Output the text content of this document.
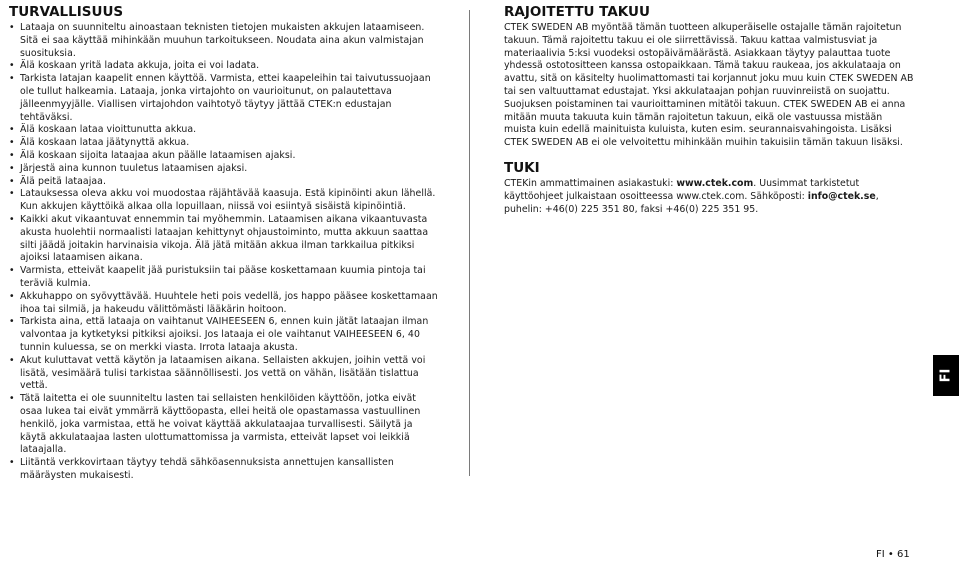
TURVALLISUUS
• Lataaja on suunniteltu ainoastaan teknisten tietojen mukaisten akkujen lataamiseen. Sitä ei saa käyttää mihinkään muuhun tarkoitukseen. Noudata aina akun valmistajan suosituksia.
• Älä koskaan yritä ladata akkuja, joita ei voi ladata.
• Tarkista latajan kaapelit ennen käyttöä. Varmista, ettei kaapeleihin tai taivutussuojaan ole tullut halkeamia. Lataaja, jonka virtajohto on vaurioitunut, on palautettava jälleenmyyjälle. Viallisen virtajohdon vaihtotyö täytyy jättää CTEK:n edustajan tehtäväksi.
• Älä koskaan lataa vioittunutta akkua.
• Älä koskaan lataa jäätynyttä akkua.
• Älä koskaan sijoita lataajaa akun päälle lataamisen ajaksi.
• Järjestä aina kunnon tuuletus lataamisen ajaksi.
• Älä peitä lataajaa.
• Latauksessa oleva akku voi muodostaa räjähtävää kaasuja. Estä kipinöinti akun lähellä. Kun akkujen käyttöikä alkaa olla lopuillaan, niissä voi esiintyä sisäistä kipinöintiä.
• Kaikki akut vikaantuvat ennemmin tai myöhemmin. Lataamisen aikana vikaantuvasta akusta huolehtii normaalisti lataajan kehittynyt ohjaustoiminto, mutta akkuun saattaa silti jäädä joitakin harvinaisia vikoja. Älä jätä mitään akkua ilman tarkkailua pitkiksi ajoiksi lataamisen aikana.
• Varmista, etteivät kaapelit jää puristuksiin tai pääse koskettamaan kuumia pintoja tai teräviä kulmia.
• Akkuhappo on syövyttävää. Huuhtele heti pois vedellä, jos happo pääsee koskettamaan ihoa tai silmiä, ja hakeudu välittömästi lääkärin hoitoon.
• Tarkista aina, että lataaja on vaihtanut VAIHEESEEN 6, ennen kuin jätät lataajan ilman valvontaa ja kytketyksi pitkiksi ajoiksi. Jos lataaja ei ole vaihtanut VAIHEESEEN 6, 40 tunnin kuluessa, se on merkki viasta. Irrota lataaja akusta.
• Akut kuluttavat vettä käytön ja lataamisen aikana. Sellaisten akkujen, joihin vettä voi lisätä, vesimäärä tulisi tarkistaa säännöllisesti. Jos vettä on vähän, lisätään tislattua vettä.
• Tätä laitetta ei ole suunniteltu lasten tai sellaisten henkilöiden käyttöön, jotka eivät osaa lukea tai eivät ymmärrä käyttöopasta, ellei heitä ole opastamassa vastuullinen henkilö, joka varmistaa, että he voivat käyttää akkulataajaa turvallisesti. Säilytä ja käytä akkulataajaa lasten ulottumattomissa ja varmista, etteivät lapset voi leikkiä lataajalla.
• Liitäntä verkkovirtaan täytyy tehdä sähköasennuksista annettujen kansallisten määräysten mukaisesti.
RAJOITETTU TAKUU

CTEK SWEDEN AB myöntää tämän tuotteen alkuperäiselle ostajalle tämän rajoitetun takuun. Tämä rajoitettu takuu ei ole siirrettävissä. Takuu kattaa valmistusviat ja materiaalivia 5:ksi vuodeksi ostopäivämäärästä. Asiakkaan täytyy palauttaa tuote yhdessä ostotositteen kanssa ostopaikkaan. Tämä takuu raukeaa, jos akkulataaja on avattu, sitä on käsitelty huolimattomasti tai korjannut joku muu kuin CTEK SWEDEN AB tai sen valtuuttamat edustajat. Yksi akkulataajan pohjan ruuvinreiistä on suojattu. Suojuksen poistaminen tai vaurioittaminen mitätöi takuun. CTEK SWEDEN AB ei anna mitään muuta takuuta kuin tämän rajoitetun takuun, eikä ole vastuussa mistään muista kuin edellä mainituista kuluista, kuten esim. seurannaisvahingoista. Lisäksi CTEK SWEDEN AB ei ole velvoitettu mihinkään muihin takuisiin tämän takuun lisäksi.

TUKI

CTEKin ammattimainen asiakastuki: www.ctek.com. Uusimmat tarkistetut käyttöohjeet julkaistaan osoitteessa www.ctek.com. Sähköposti: info@ctek.se, puhelin: +46(0) 225 351 80, faksi +46(0) 225 351 95.

FI
FI • 61
